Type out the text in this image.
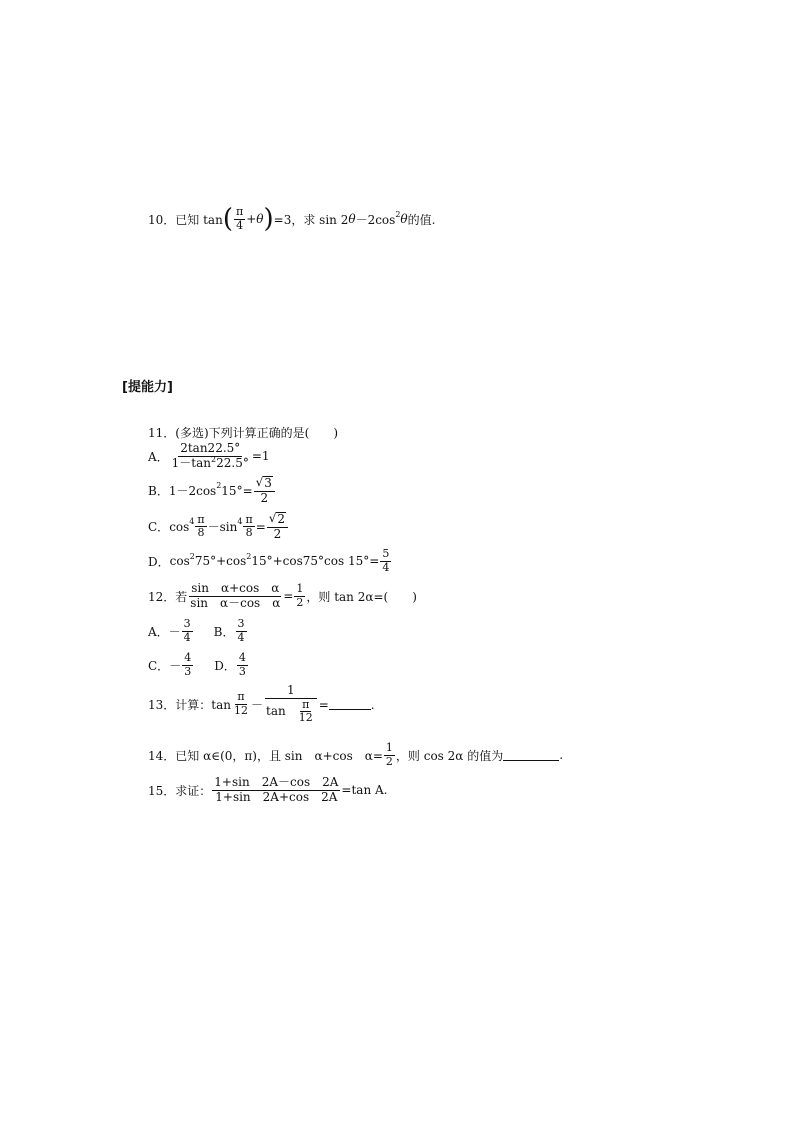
10． 已知 tan ( $\frac{\pi}{4} + \theta$ ) =3，求 sin 2 θ －2cos 2 θ 的值.
[提能力]
11．(多选)下列计算正确的是(　　)
A． $\frac{2\tan 22.5^\circ}{1-\tan^222.5^\circ} =1$
B． 1－2cos 2 $15^\circ= \frac{√ 3}{2}$
C． $\cos 4 \frac{\pi}{8} -\sin$ $4 \frac{\pi}{8} = \frac{√ 2}{2}$
D． cos 2 75°+cos 2 15°+cos75°cos $15^\circ= \frac{5}{4}$
12．若 $\frac{\text{sin　α+cos　α}}{\text{sin　α－cos　α}} = \frac{1}{2}$ ，则 tan 2α=(　　)
A．－ $\frac{3}{4}$ B． $\frac{3}{4}$
C．－ $\frac{4}{3}$ D． $\frac{4}{3}$
13．计算：$\tan \frac{\pi}{12} - \frac{1}{\tan \frac{\pi}{12}}$ =	.
14．已知 α∈(0，π)，且 sin　α+cos　$\alpha= \frac{1}{2}$ ，则 cos 2α 的值为	.
15．求证： $\frac{1+\sin 2A-\cos 2A}{1+\sin 2A+\cos 2A} =\tan$ A.
